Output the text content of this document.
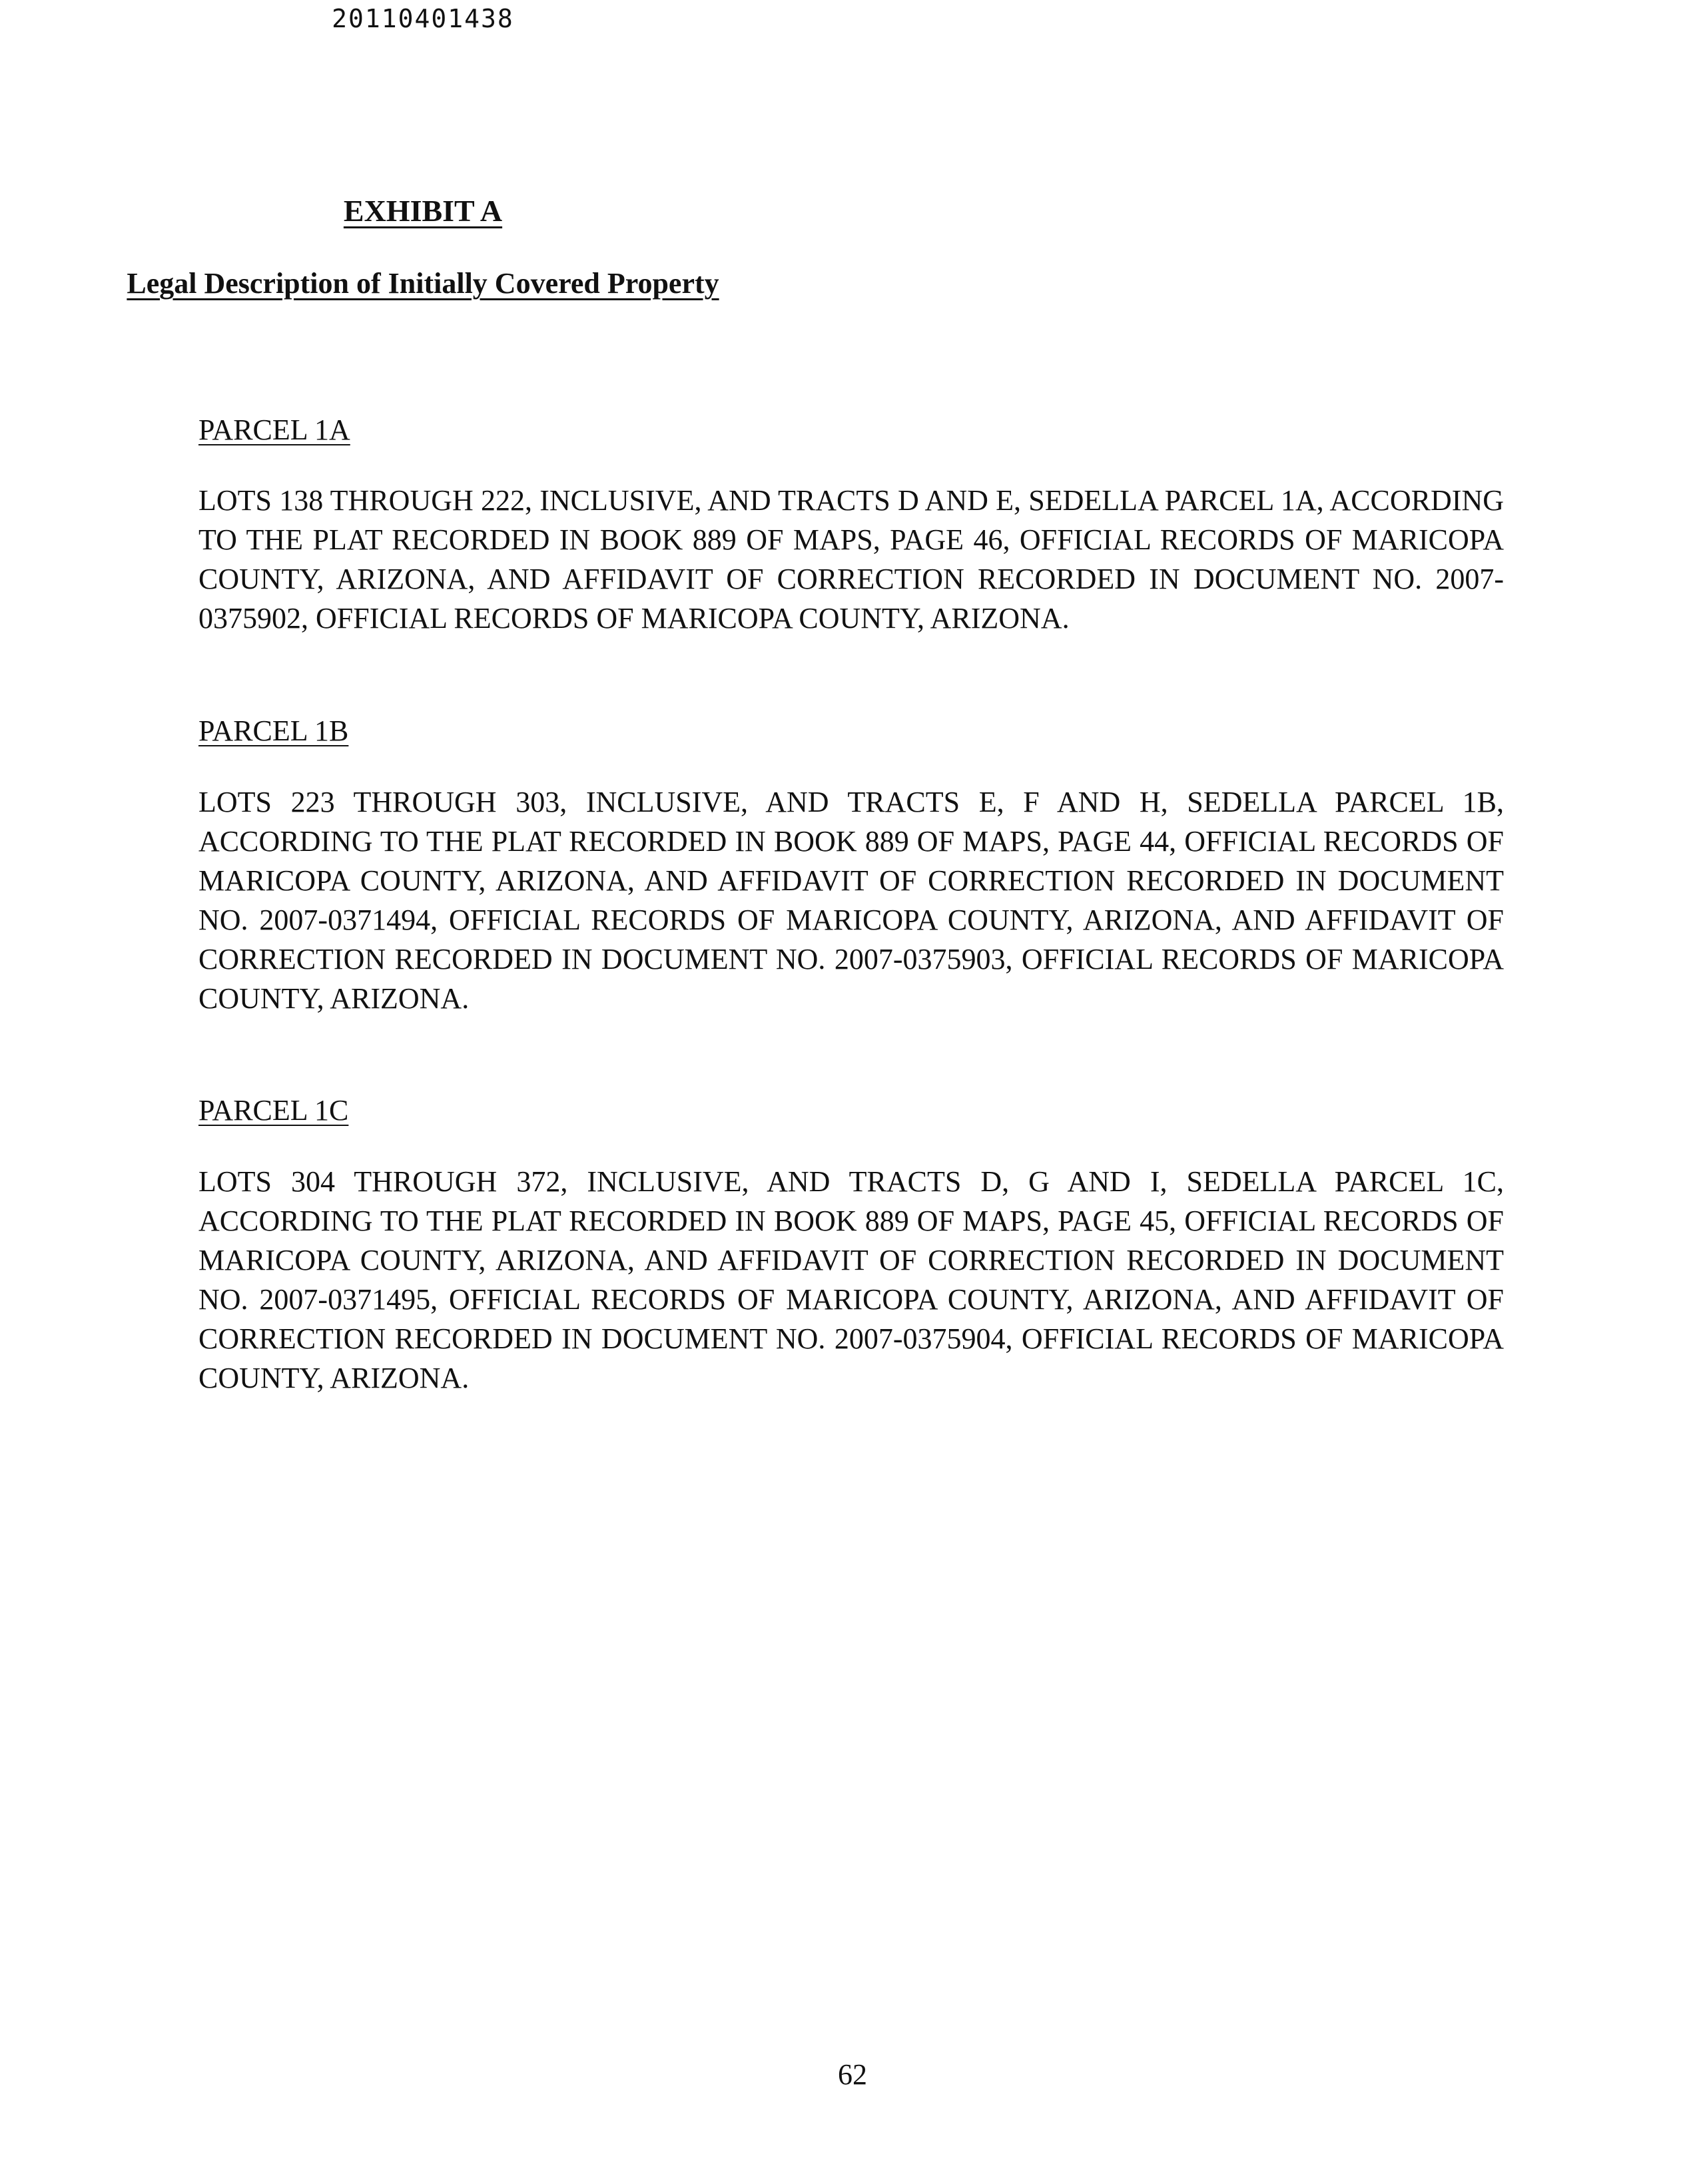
20110401438
EXHIBIT A
Legal Description of Initially Covered Property
PARCEL 1A
LOTS 138 THROUGH 222, INCLUSIVE, AND TRACTS D AND E, SEDELLA PARCEL 1A, ACCORDING TO THE PLAT RECORDED IN BOOK 889 OF MAPS, PAGE 46, OFFICIAL RECORDS OF MARICOPA COUNTY, ARIZONA, AND AFFIDAVIT OF CORRECTION RECORDED IN DOCUMENT NO. 2007-0375902, OFFICIAL RECORDS OF MARICOPA COUNTY, ARIZONA.
PARCEL 1B
LOTS 223 THROUGH 303, INCLUSIVE, AND TRACTS E, F AND H, SEDELLA PARCEL 1B, ACCORDING TO THE PLAT RECORDED IN BOOK 889 OF MAPS, PAGE 44, OFFICIAL RECORDS OF MARICOPA COUNTY, ARIZONA, AND AFFIDAVIT OF CORRECTION RECORDED IN DOCUMENT NO. 2007-0371494, OFFICIAL RECORDS OF MARICOPA COUNTY, ARIZONA, AND AFFIDAVIT OF CORRECTION RECORDED IN DOCUMENT NO. 2007-0375903, OFFICIAL RECORDS OF MARICOPA COUNTY, ARIZONA.
PARCEL 1C
LOTS 304 THROUGH 372, INCLUSIVE, AND TRACTS D, G AND I, SEDELLA PARCEL 1C, ACCORDING TO THE PLAT RECORDED IN BOOK 889 OF MAPS, PAGE 45, OFFICIAL RECORDS OF MARICOPA COUNTY, ARIZONA, AND AFFIDAVIT OF CORRECTION RECORDED IN DOCUMENT NO. 2007-0371495, OFFICIAL RECORDS OF MARICOPA COUNTY, ARIZONA, AND AFFIDAVIT OF CORRECTION RECORDED IN DOCUMENT NO. 2007-0375904, OFFICIAL RECORDS OF MARICOPA COUNTY, ARIZONA.
62
